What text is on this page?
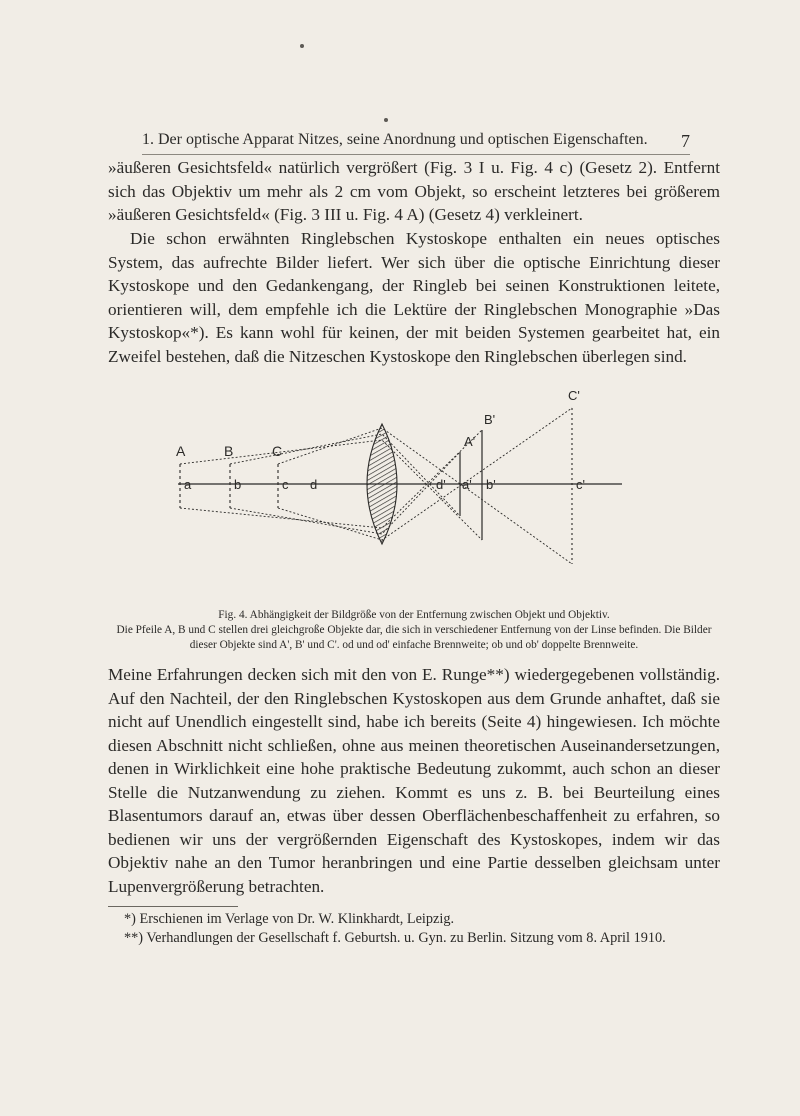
1. Der optische Apparat Nitzes, seine Anordnung und optischen Eigenschaften. 7
»äußeren Gesichtsfeld« natürlich vergrößert (Fig. 3 I u. Fig. 4 c) (Gesetz 2). Entfernt sich das Objektiv um mehr als 2 cm vom Objekt, so erscheint letzteres bei größerem »äußeren Gesichtsfeld« (Fig. 3 III u. Fig. 4 A) (Gesetz 4) verkleinert.
Die schon erwähnten Ringlebschen Kystoskope enthalten ein neues optisches System, das aufrechte Bilder liefert. Wer sich über die optische Einrichtung dieser Kystoskope und den Gedankengang, der Ringleb bei seinen Konstruktionen leitete, orientieren will, dem empfehle ich die Lektüre der Ringlebschen Monographie »Das Kystoskop«*). Es kann wohl für keinen, der mit beiden Systemen gearbeitet hat, ein Zweifel bestehen, daß die Nitzeschen Kystoskope den Ringlebschen überlegen sind.
A	B	C
a	b	c d	d' a' b'	c'
A'
B'
C'
Fig. 4. Abhängigkeit der Bildgröße von der Entfernung zwischen Objekt und Objektiv.
Die Pfeile A, B und C stellen drei gleichgroße Objekte dar, die sich in verschiedener Entfernung von der Linse befinden. Die Bilder dieser Objekte sind A', B' und C'. od und od' einfache Brennweite; ob und ob' doppelte Brennweite.
Meine Erfahrungen decken sich mit den von E. Runge**) wiedergegebenen vollständig. Auf den Nachteil, der den Ringlebschen Kystoskopen aus dem Grunde anhaftet, daß sie nicht auf Unendlich eingestellt sind, habe ich bereits (Seite 4) hingewiesen. Ich möchte diesen Abschnitt nicht schließen, ohne aus meinen theoretischen Auseinandersetzungen, denen in Wirklichkeit eine hohe praktische Bedeutung zukommt, auch schon an dieser Stelle die Nutzanwendung zu ziehen. Kommt es uns z. B. bei Beurteilung eines Blasentumors darauf an, etwas über dessen Oberflächenbeschaffenheit zu erfahren, so bedienen wir uns der vergrößernden Eigenschaft des Kystoskopes, indem wir das Objektiv nahe an den Tumor heranbringen und eine Partie desselben gleichsam unter Lupenvergrößerung betrachten.
*) Erschienen im Verlage von Dr. W. Klinkhardt, Leipzig.
**) Verhandlungen der Gesellschaft f. Geburtsh. u. Gyn. zu Berlin. Sitzung vom 8. April 1910.
